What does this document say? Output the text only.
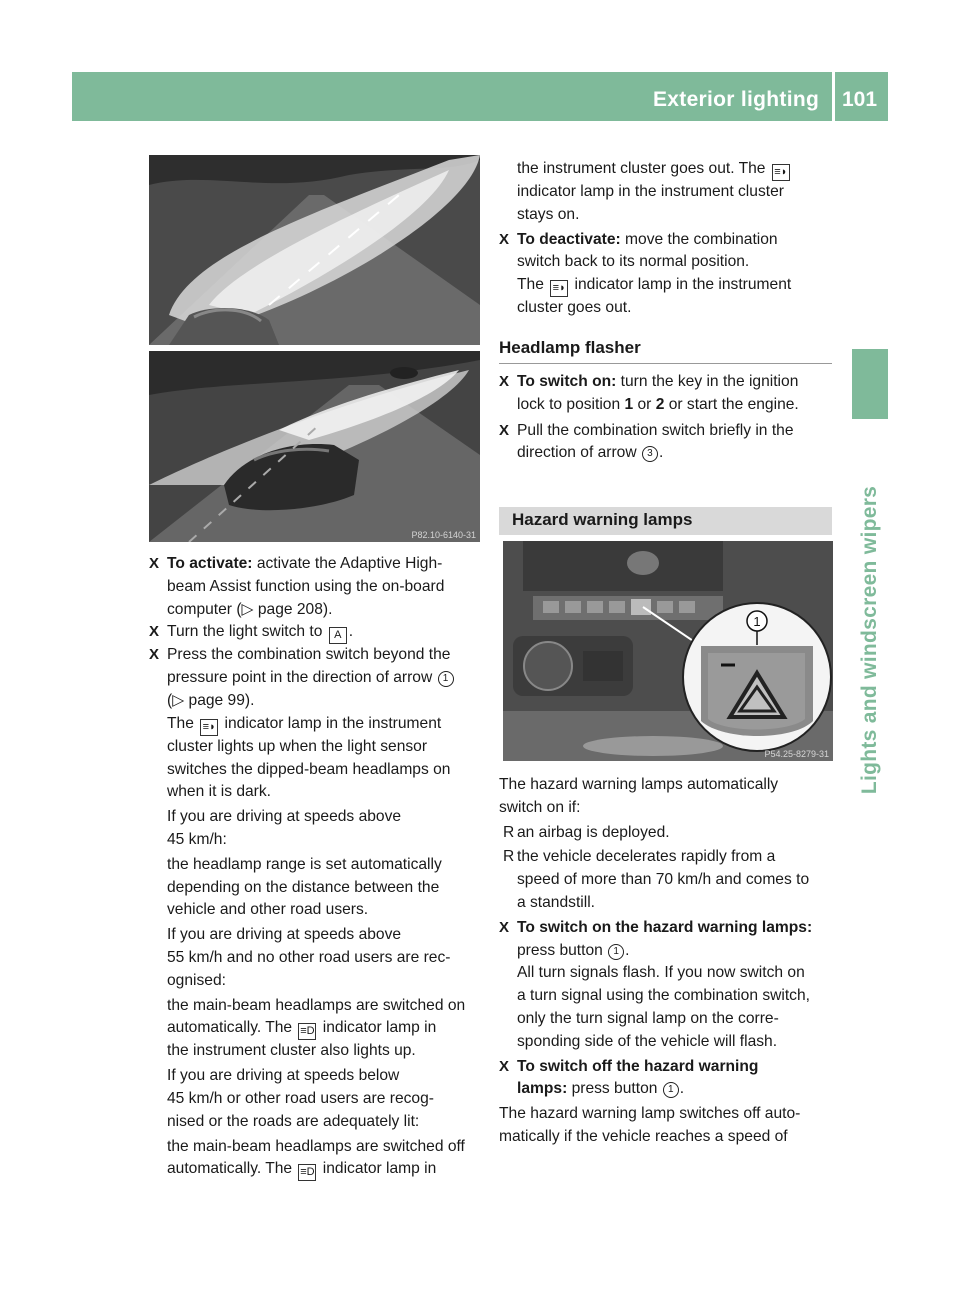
Exterior lighting 101
Lights and windscreen wipers
P82.10-6140-31
X To activate: activate the Adaptive High-

beam Assist function using the on-board

computer (▷ page 208).

X Turn the light switch to A .

X Press the combination switch beyond the

pressure point in the direction of arrow 1

(▷ page 99).

The ≡◗ indicator lamp in the instrument

cluster lights up when the light sensor

switches the dipped-beam headlamps on

when it is dark.

If you are driving at speeds above

45 km/h:

the headlamp range is set automatically

depending on the distance between the

vehicle and other road users.

If you are driving at speeds above

55 km/h and no other road users are rec-

ognised:

the main-beam headlamps are switched on

automatically. The ≡D indicator lamp in

the instrument cluster also lights up.

If you are driving at speeds below

45 km/h or other road users are recog-

nised or the roads are adequately lit:

the main-beam headlamps are switched off

automatically. The ≡D indicator lamp in

the instrument cluster goes out. The ≡◗

indicator lamp in the instrument cluster

stays on.

X To deactivate: move the combination

switch back to its normal position.

The ≡◗ indicator lamp in the instrument

cluster goes out.

Headlamp flasher
X To switch on: turn the key in the ignition

lock to position 1 or 2 or start the engine.

X Pull the combination switch briefly in the

direction of arrow 3 .

Hazard warning lamps
1
P54.25-8279-31

The hazard warning lamps automatically

switch on if:

R an airbag is deployed.

R the vehicle decelerates rapidly from a

speed of more than 70 km/h and comes to

a standstill.

X To switch on the hazard warning lamps:

press button 1 .

All turn signals flash. If you now switch on

a turn signal using the combination switch,

only the turn signal lamp on the corre-

sponding side of the vehicle will flash.

X To switch off the hazard warning

lamps: press button 1 .

The hazard warning lamp switches off auto-

matically if the vehicle reaches a speed of
